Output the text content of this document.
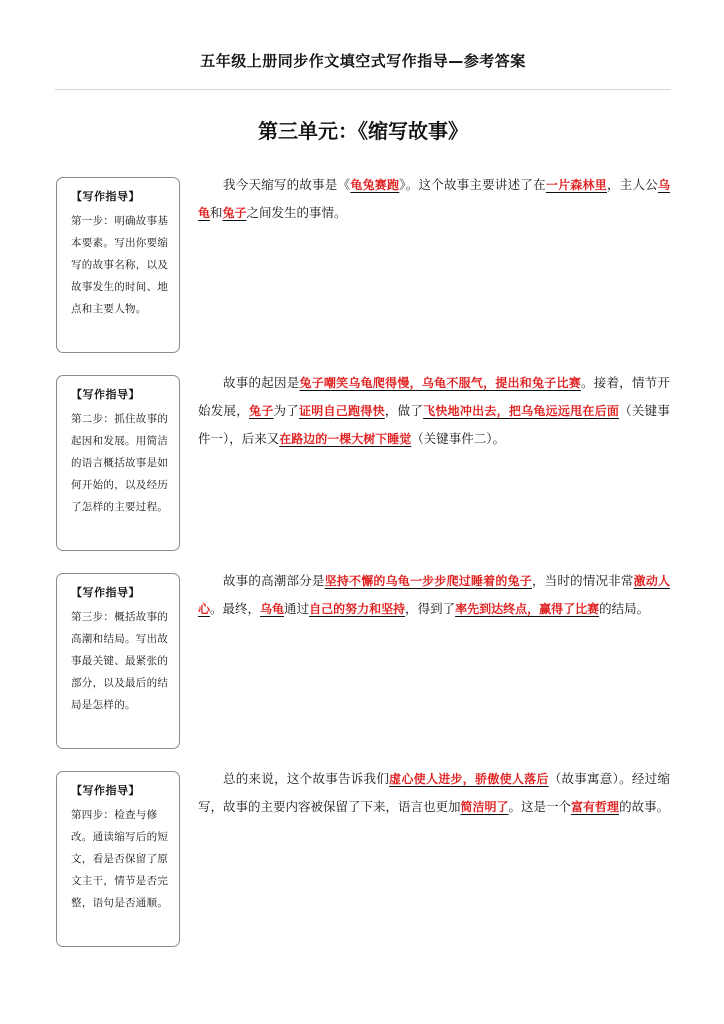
五年级上册同步作文填空式写作指导—参考答案
第三单元：《缩写故事》
【写作指导】
第一步：明确故事基本要素。写出你要缩写的故事名称，以及故事发生的时间、地点和主要人物。

我今天缩写的故事是《龟兔赛跑》。这个故事主要讲述了在一片森林里，主人公乌龟和兔子之间发生的事情。

【写作指导】
第二步：抓住故事的起因和发展。用简洁的语言概括故事是如何开始的，以及经历了怎样的主要过程。

故事的起因是兔子嘲笑乌龟爬得慢，乌龟不服气，提出和兔子比赛。接着，情节开始发展，兔子为了证明自己跑得快，做了飞快地冲出去，把乌龟远远甩在后面（关键事件一），后来又在路边的一棵大树下睡觉（关键事件二）。

【写作指导】
第三步：概括故事的高潮和结局。写出故事最关键、最紧张的部分，以及最后的结局是怎样的。

故事的高潮部分是坚持不懈的乌龟一步步爬过睡着的兔子，当时的情况非常激动人心。最终，乌龟通过自己的努力和坚持，得到了率先到达终点，赢得了比赛的结局。

【写作指导】
第四步：检查与修改。通读缩写后的短文，看是否保留了原文主干，情节是否完整，语句是否通顺。

总的来说，这个故事告诉我们虚心使人进步，骄傲使人落后（故事寓意）。经过缩写，故事的主要内容被保留了下来，语言也更加简洁明了。这是一个富有哲理的故事。
